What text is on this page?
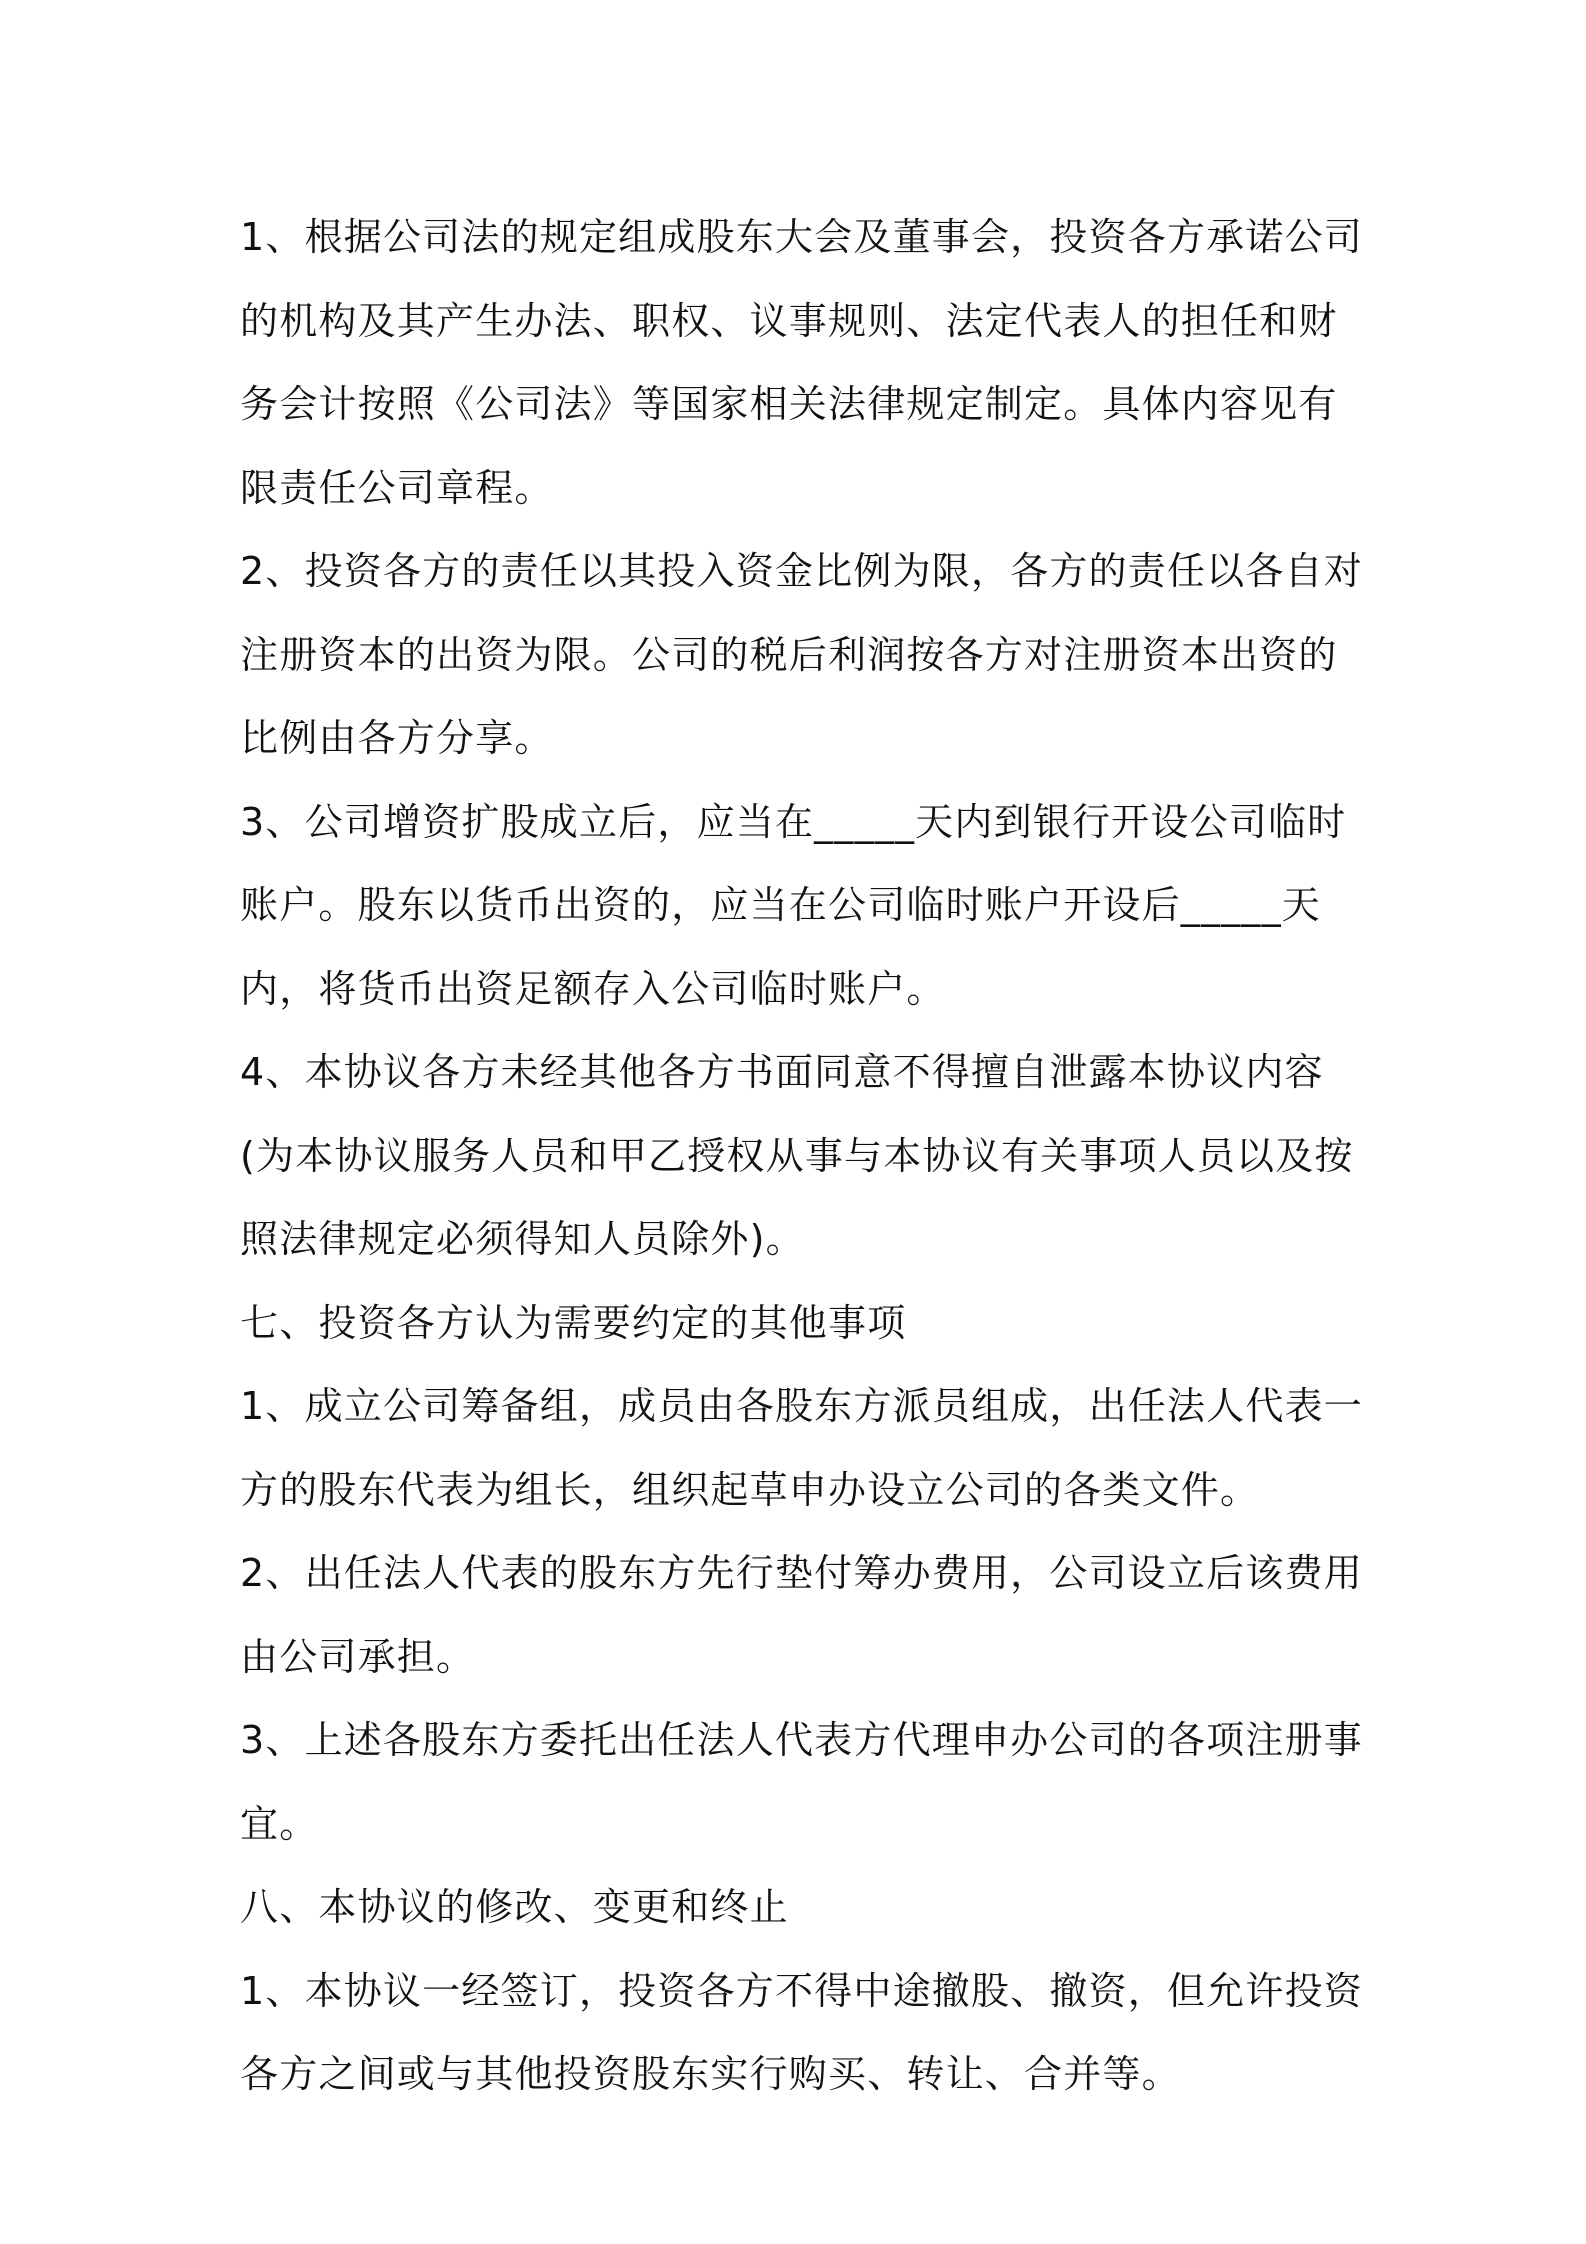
1、根据公司法的规定组成股东大会及董事会，投资各方承诺公司的机构及其产生办法、职权、议事规则、法定代表人的担任和财务会计按照《公司法》等国家相关法律规定制定。具体内容见有限责任公司章程。

2、投资各方的责任以其投入资金比例为限，各方的责任以各自对注册资本的出资为限。公司的税后利润按各方对注册资本出资的比例由各方分享。

3、公司增资扩股成立后，应当在_____天内到银行开设公司临时账户。股东以货币出资的，应当在公司临时账户开设后_____天内，将货币出资足额存入公司临时账户。

4、本协议各方未经其他各方书面同意不得擅自泄露本协议内容(为本协议服务人员和甲乙授权从事与本协议有关事项人员以及按照法律规定必须得知人员除外)。

七、投资各方认为需要约定的其他事项

1、成立公司筹备组，成员由各股东方派员组成，出任法人代表一方的股东代表为组长，组织起草申办设立公司的各类文件。

2、出任法人代表的股东方先行垫付筹办费用，公司设立后该费用由公司承担。

3、上述各股东方委托出任法人代表方代理申办公司的各项注册事宜。

八、本协议的修改、变更和终止

1、本协议一经签订，投资各方不得中途撤股、撤资，但允许投资各方之间或与其他投资股东实行购买、转让、合并等。
